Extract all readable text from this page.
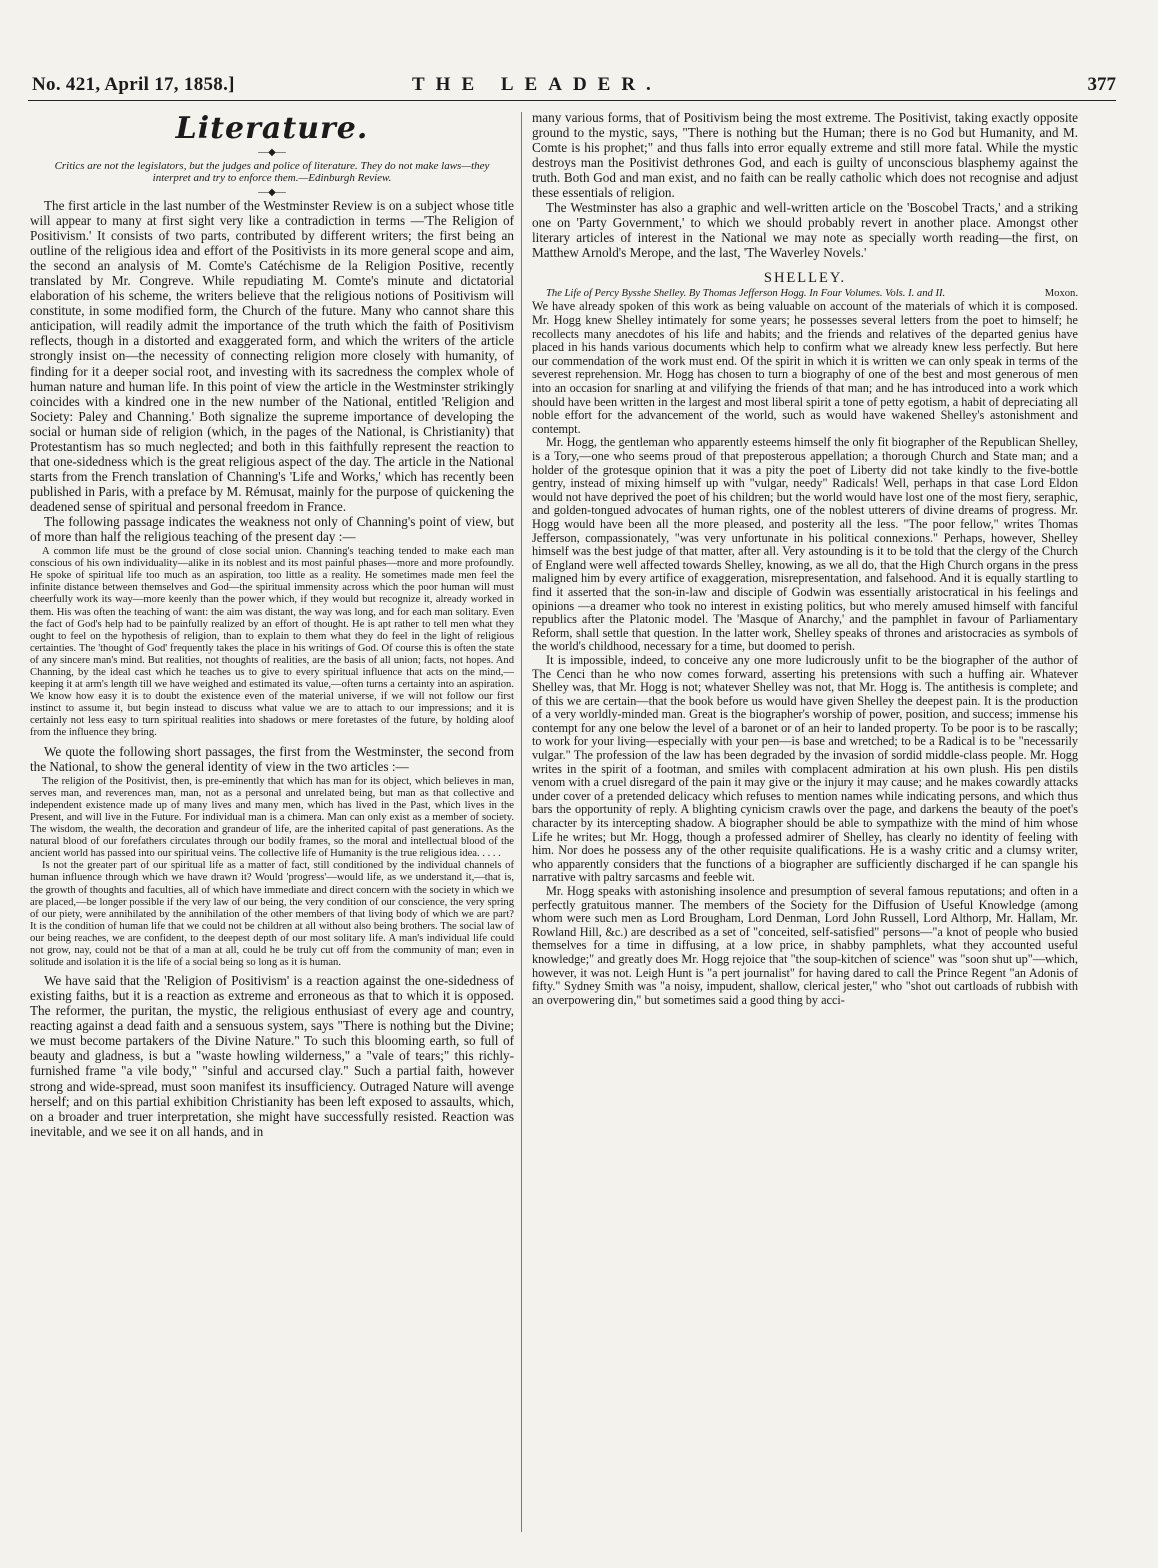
No. 421, April 17, 1858.]	THE LEADER.	377
Literature.
—◆—
Critics are not the legislators, but the judges and police of literature. They do not make laws—they interpret and try to enforce them.—Edinburgh Review.
—◆—

The first article in the last number of the Westminster Review is on a subject whose title will appear to many at first sight very like a contradiction in terms —'The Religion of Positivism.' It consists of two parts, contributed by different writers; the first being an outline of the religious idea and effort of the Positivists in its more general scope and aim, the second an analysis of M. Comte's Catéchisme de la Religion Positive, recently translated by Mr. Congreve. While repudiating M. Comte's minute and dictatorial elaboration of his scheme, the writers believe that the religious notions of Positivism will constitute, in some modified form, the Church of the future. Many who cannot share this anticipation, will readily admit the importance of the truth which the faith of Positivism reflects, though in a distorted and exaggerated form, and which the writers of the article strongly insist on—the necessity of connecting religion more closely with humanity, of finding for it a deeper social root, and investing with its sacredness the complex whole of human nature and human life. In this point of view the article in the Westminster strikingly coincides with a kindred one in the new number of the National, entitled 'Religion and Society: Paley and Channing.' Both signalize the supreme importance of developing the social or human side of religion (which, in the pages of the National, is Christianity) that Protestantism has so much neglected; and both in this faithfully represent the reaction to that one-sidedness which is the great religious aspect of the day. The article in the National starts from the French translation of Channing's 'Life and Works,' which has recently been published in Paris, with a preface by M. Rémusat, mainly for the purpose of quickening the deadened sense of spiritual and personal freedom in France.

The following passage indicates the weakness not only of Channing's point of view, but of more than half the religious teaching of the present day :—

A common life must be the ground of close social union. Channing's teaching tended to make each man conscious of his own individuality—alike in its noblest and its most painful phases—more and more profoundly. He spoke of spiritual life too much as an aspiration, too little as a reality. He sometimes made men feel the infinite distance between themselves and God—the spiritual immensity across which the poor human will must cheerfully work its way—more keenly than the power which, if they would but recognize it, already worked in them. His was often the teaching of want: the aim was distant, the way was long, and for each man solitary. Even the fact of God's help had to be painfully realized by an effort of thought. He is apt rather to tell men what they ought to feel on the hypothesis of religion, than to explain to them what they do feel in the light of religious certainties. The 'thought of God' frequently takes the place in his writings of God. Of course this is often the state of any sincere man's mind. But realities, not thoughts of realities, are the basis of all union; facts, not hopes. And Channing, by the ideal cast which he teaches us to give to every spiritual influence that acts on the mind,—keeping it at arm's length till we have weighed and estimated its value,—often turns a certainty into an aspiration. We know how easy it is to doubt the existence even of the material universe, if we will not follow our first instinct to assume it, but begin instead to discuss what value we are to attach to our impressions; and it is certainly not less easy to turn spiritual realities into shadows or mere foretastes of the future, by holding aloof from the influence they bring.

We quote the following short passages, the first from the Westminster, the second from the National, to show the general identity of view in the two articles :—

The religion of the Positivist, then, is pre-eminently that which has man for its object, which believes in man, serves man, and reverences man, man, not as a personal and unrelated being, but man as that collective and independent existence made up of many lives and many men, which has lived in the Past, which lives in the Present, and will live in the Future. For individual man is a chimera. Man can only exist as a member of society. The wisdom, the wealth, the decoration and grandeur of life, are the inherited capital of past generations. As the natural blood of our forefathers circulates through our bodily frames, so the moral and intellectual blood of the ancient world has passed into our spiritual veins. The collective life of Humanity is the true religious idea. . . . .

Is not the greater part of our spiritual life as a matter of fact, still conditioned by the individual channels of human influence through which we have drawn it? Would 'progress'—would life, as we understand it,—that is, the growth of thoughts and faculties, all of which have immediate and direct concern with the society in which we are placed,—be longer possible if the very law of our being, the very condition of our conscience, the very spring of our piety, were annihilated by the annihilation of the other members of that living body of which we are part? It is the condition of human life that we could not be children at all without also being brothers. The social law of our being reaches, we are confident, to the deepest depth of our most solitary life. A man's individual life could not grow, nay, could not be that of a man at all, could he be truly cut off from the community of man; even in solitude and isolation it is the life of a social being so long as it is human.

We have said that the 'Religion of Positivism' is a reaction against the one-sidedness of existing faiths, but it is a reaction as extreme and erroneous as that to which it is opposed. The reformer, the puritan, the mystic, the religious enthusiast of every age and country, reacting against a dead faith and a sensuous system, says "There is nothing but the Divine; we must become partakers of the Divine Nature." To such this blooming earth, so full of beauty and gladness, is but a "waste howling wilderness," a "vale of tears;" this richly-furnished frame "a vile body," "sinful and accursed clay." Such a partial faith, however strong and wide-spread, must soon manifest its insufficiency. Outraged Nature will avenge herself; and on this partial exhibition Christianity has been left exposed to assaults, which, on a broader and truer interpretation, she might have successfully resisted. Reaction was inevitable, and we see it on all hands, and in

many various forms, that of Positivism being the most extreme. The Positivist, taking exactly opposite ground to the mystic, says, "There is nothing but the Human; there is no God but Humanity, and M. Comte is his prophet;" and thus falls into error equally extreme and still more fatal. While the mystic destroys man the Positivist dethrones God, and each is guilty of unconscious blasphemy against the truth. Both God and man exist, and no faith can be really catholic which does not recognise and adjust these essentials of religion.

The Westminster has also a graphic and well-written article on the 'Boscobel Tracts,' and a striking one on 'Party Government,' to which we should probably revert in another place. Amongst other literary articles of interest in the National we may note as specially worth reading—the first, on Matthew Arnold's Merope, and the last, 'The Waverley Novels.'

SHELLEY.

Moxon.
The Life of Percy Bysshe Shelley. By Thomas Jefferson Hogg. In Four Volumes. Vols. I. and II.

We have already spoken of this work as being valuable on account of the materials of which it is composed. Mr. Hogg knew Shelley intimately for some years; he possesses several letters from the poet to himself; he recollects many anecdotes of his life and habits; and the friends and relatives of the departed genius have placed in his hands various documents which help to confirm what we already knew less perfectly. But here our commendation of the work must end. Of the spirit in which it is written we can only speak in terms of the severest reprehension. Mr. Hogg has chosen to turn a biography of one of the best and most generous of men into an occasion for snarling at and vilifying the friends of that man; and he has introduced into a work which should have been written in the largest and most liberal spirit a tone of petty egotism, a habit of depreciating all noble effort for the advancement of the world, such as would have wakened Shelley's astonishment and contempt.

Mr. Hogg, the gentleman who apparently esteems himself the only fit biographer of the Republican Shelley, is a Tory,—one who seems proud of that preposterous appellation; a thorough Church and State man; and a holder of the grotesque opinion that it was a pity the poet of Liberty did not take kindly to the five-bottle gentry, instead of mixing himself up with "vulgar, needy" Radicals! Well, perhaps in that case Lord Eldon would not have deprived the poet of his children; but the world would have lost one of the most fiery, seraphic, and golden-tongued advocates of human rights, one of the noblest utterers of divine dreams of progress. Mr. Hogg would have been all the more pleased, and posterity all the less. "The poor fellow," writes Thomas Jefferson, compassionately, "was very unfortunate in his political connexions." Perhaps, however, Shelley himself was the best judge of that matter, after all. Very astounding is it to be told that the clergy of the Church of England were well affected towards Shelley, knowing, as we all do, that the High Church organs in the press maligned him by every artifice of exaggeration, misrepresentation, and falsehood. And it is equally startling to find it asserted that the son-in-law and disciple of Godwin was essentially aristocratical in his feelings and opinions —a dreamer who took no interest in existing politics, but who merely amused himself with fanciful republics after the Platonic model. The 'Masque of Anarchy,' and the pamphlet in favour of Parliamentary Reform, shall settle that question. In the latter work, Shelley speaks of thrones and aristocracies as symbols of the world's childhood, necessary for a time, but doomed to perish.

It is impossible, indeed, to conceive any one more ludicrously unfit to be the biographer of the author of The Cenci than he who now comes forward, asserting his pretensions with such a huffing air. Whatever Shelley was, that Mr. Hogg is not; whatever Shelley was not, that Mr. Hogg is. The antithesis is complete; and of this we are certain—that the book before us would have given Shelley the deepest pain. It is the production of a very worldly-minded man. Great is the biographer's worship of power, position, and success; immense his contempt for any one below the level of a baronet or of an heir to landed property. To be poor is to be rascally; to work for your living—especially with your pen—is base and wretched; to be a Radical is to be "necessarily vulgar." The profession of the law has been degraded by the invasion of sordid middle-class people. Mr. Hogg writes in the spirit of a footman, and smiles with complacent admiration at his own plush. His pen distils venom with a cruel disregard of the pain it may give or the injury it may cause; and he makes cowardly attacks under cover of a pretended delicacy which refuses to mention names while indicating persons, and which thus bars the opportunity of reply. A blighting cynicism crawls over the page, and darkens the beauty of the poet's character by its intercepting shadow. A biographer should be able to sympathize with the mind of him whose Life he writes; but Mr. Hogg, though a professed admirer of Shelley, has clearly no identity of feeling with him. Nor does he possess any of the other requisite qualifications. He is a washy critic and a clumsy writer, who apparently considers that the functions of a biographer are sufficiently discharged if he can spangle his narrative with paltry sarcasms and feeble wit.

Mr. Hogg speaks with astonishing insolence and presumption of several famous reputations; and often in a perfectly gratuitous manner. The members of the Society for the Diffusion of Useful Knowledge (among whom were such men as Lord Brougham, Lord Denman, Lord John Russell, Lord Althorp, Mr. Hallam, Mr. Rowland Hill, &c.) are described as a set of "conceited, self-satisfied" persons—"a knot of people who busied themselves for a time in diffusing, at a low price, in shabby pamphlets, what they accounted useful knowledge;" and greatly does Mr. Hogg rejoice that "the soup-kitchen of science" was "soon shut up"—which, however, it was not. Leigh Hunt is "a pert journalist" for having dared to call the Prince Regent "an Adonis of fifty." Sydney Smith was "a noisy, impudent, shallow, clerical jester," who "shot out cartloads of rubbish with an overpowering din," but sometimes said a good thing by acci-
